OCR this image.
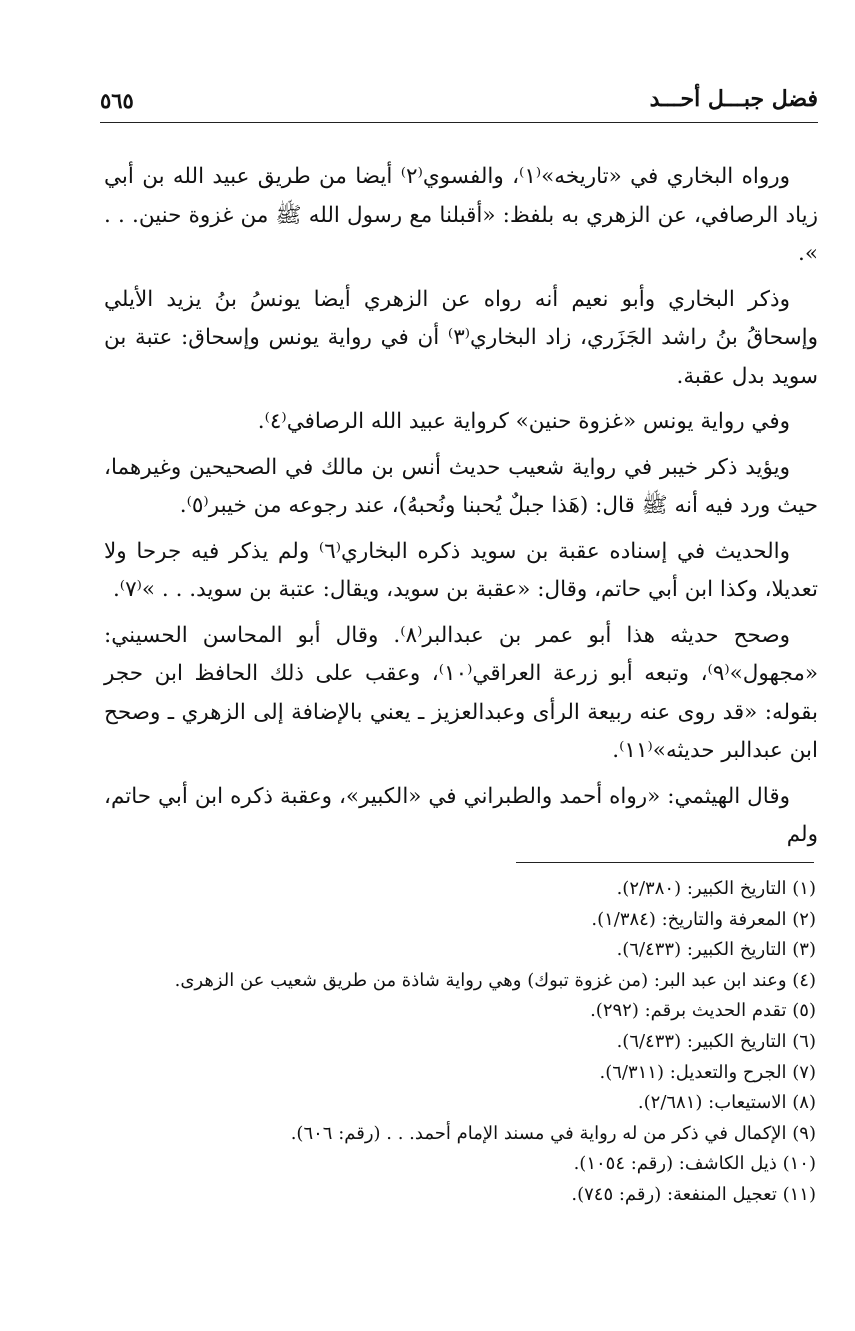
فضل جبـــل أحـــد
٥٦٥

ورواه البخاري في «تاريخه»⁽١⁾، والفسوي⁽٢⁾ أيضا من طريق عبيد الله بن أبي زياد الرصافي، عن الزهري به بلفظ: «أقبلنا مع رسول الله ﷺ من غزوة حنين. . . ».

وذكر البخاري وأبو نعيم أنه رواه عن الزهري أيضا يونسُ بنُ يزيد الأيلي وإسحاقُ بنُ راشد الجَزَري، زاد البخاري⁽٣⁾ أن في رواية يونس وإسحاق: عتبة بن سويد بدل عقبة.

وفي رواية يونس «غزوة حنين» كرواية عبيد الله الرصافي⁽٤⁾.

ويؤيد ذكر خيبر في رواية شعيب حديث أنس بن مالك في الصحيحين وغيرهما، حيث ورد فيه أنه ﷺ قال: (هَذا جبلٌ يُحبنا ونُحبهُ)، عند رجوعه من خيبر⁽٥⁾.

والحديث في إسناده عقبة بن سويد ذكره البخاري⁽٦⁾ ولم يذكر فيه جرحا ولا تعديلا، وكذا ابن أبي حاتم، وقال: «عقبة بن سويد، ويقال: عتبة بن سويد. . . »⁽٧⁾.

وصحح حديثه هذا أبو عمر بن عبدالبر⁽٨⁾. وقال أبو المحاسن الحسيني: «مجهول»⁽٩⁾، وتبعه أبو زرعة العراقي⁽١٠⁾، وعقب على ذلك الحافظ ابن حجر بقوله: «قد روى عنه ربيعة الرأى وعبدالعزيز ـ يعني بالإضافة إلى الزهري ـ وصحح ابن عبدالبر حديثه»⁽١١⁾.

وقال الهيثمي: «رواه أحمد والطبراني في «الكبير»، وعقبة ذكره ابن أبي حاتم، ولم

(١) التاريخ الكبير: (٢/٣٨٠).
(٢) المعرفة والتاريخ: (١/٣٨٤).
(٣) التاريخ الكبير: (٦/٤٣٣).
(٤) وعند ابن عبد البر: (من غزوة تبوك) وهي رواية شاذة من طريق شعيب عن الزهرى.
(٥) تقدم الحديث برقم: (٢٩٢).
(٦) التاريخ الكبير: (٦/٤٣٣).
(٧) الجرح والتعديل: (٦/٣١١).
(٨) الاستيعاب: (٢/٦٨١).
(٩) الإكمال في ذكر من له رواية في مسند الإمام أحمد. . . (رقم: ٦٠٦).
(١٠) ذيل الكاشف: (رقم: ١٠٥٤).
(١١) تعجيل المنفعة: (رقم: ٧٤٥).
